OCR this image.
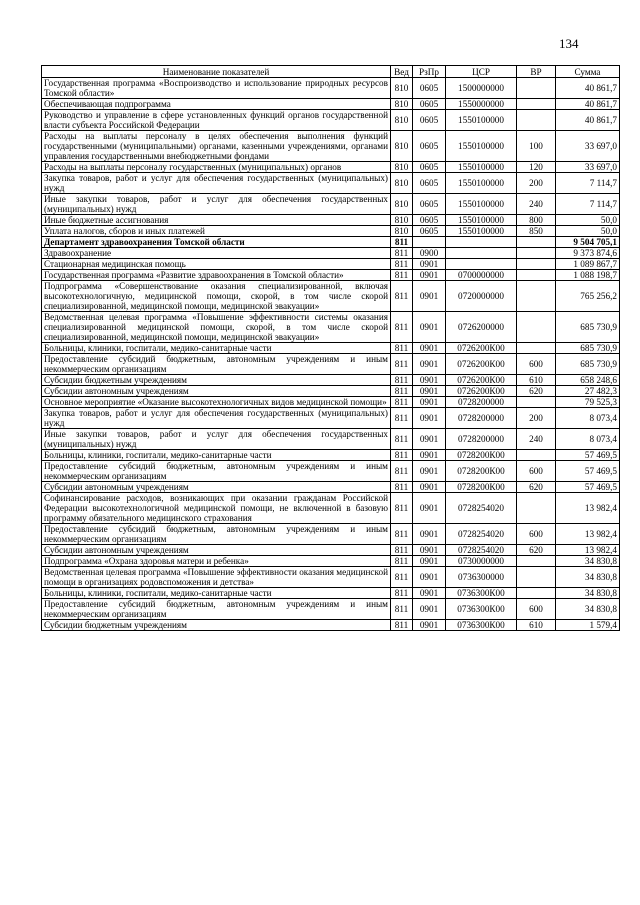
134
Наименование показателей	Вед	РзПр	ЦСР	ВР	Сумма
Государственная программа «Воспроизводство и использование природных ресурсов Томской области»	810	0605	1500000000		40 861,7
Обеспечивающая подпрограмма	810	0605	1550000000		40 861,7
Руководство и управление в сфере установленных функций органов государственной власти субъекта Российской Федерации	810	0605	1550100000		40 861,7
Расходы на выплаты персоналу в целях обеспечения выполнения функций государственными (муниципальными) органами, казенными учреждениями, органами управления государственными внебюджетными фондами	810	0605	1550100000	100	33 697,0
Расходы на выплаты персоналу государственных (муниципальных) органов	810	0605	1550100000	120	33 697,0
Закупка товаров, работ и услуг для обеспечения государственных (муниципальных) нужд	810	0605	1550100000	200	7 114,7
Иные закупки товаров, работ и услуг для обеспечения государственных (муниципальных) нужд	810	0605	1550100000	240	7 114,7
Иные бюджетные ассигнования	810	0605	1550100000	800	50,0
Уплата налогов, сборов и иных платежей	810	0605	1550100000	850	50,0
Департамент здравоохранения Томской области	811				9 504 705,1
Здравоохранение	811	0900			9 373 874,6
Стационарная медицинская помощь	811	0901			1 089 867,7
Государственная программа «Развитие здравоохранения в Томской области»	811	0901	0700000000		1 088 198,7
Подпрограмма «Совершенствование оказания специализированной, включая высокотехнологичную, медицинской помощи, скорой, в том числе скорой специализированной, медицинской помощи, медицинской эвакуации»	811	0901	0720000000		765 256,2
Ведомственная целевая программа «Повышение эффективности системы оказания специализированной медицинской помощи, скорой, в том числе скорой специализированной, медицинской помощи, медицинской эвакуации»	811	0901	0726200000		685 730,9
Больницы, клиники, госпитали, медико-санитарные части	811	0901	0726200К00		685 730,9
Предоставление субсидий бюджетным, автономным учреждениям и иным некоммерческим организациям	811	0901	0726200К00	600	685 730,9
Субсидии бюджетным учреждениям	811	0901	0726200К00	610	658 248,6
Субсидии автономным учреждениям	811	0901	0726200К00	620	27 482,3
Основное мероприятие «Оказание высокотехнологичных видов медицинской помощи»	811	0901	0728200000		79 525,3
Закупка товаров, работ и услуг для обеспечения государственных (муниципальных) нужд	811	0901	0728200000	200	8 073,4
Иные закупки товаров, работ и услуг для обеспечения государственных (муниципальных) нужд	811	0901	0728200000	240	8 073,4
Больницы, клиники, госпитали, медико-санитарные части	811	0901	0728200К00		57 469,5
Предоставление субсидий бюджетным, автономным учреждениям и иным некоммерческим организациям	811	0901	0728200К00	600	57 469,5
Субсидии автономным учреждениям	811	0901	0728200К00	620	57 469,5
Софинансирование расходов, возникающих при оказании гражданам Российской Федерации высокотехнологичной медицинской помощи, не включенной в базовую программу обязательного медицинского страхования	811	0901	0728254020		13 982,4
Предоставление субсидий бюджетным, автономным учреждениям и иным некоммерческим организациям	811	0901	0728254020	600	13 982,4
Субсидии автономным учреждениям	811	0901	0728254020	620	13 982,4
Подпрограмма «Охрана здоровья матери и ребенка»	811	0901	0730000000		34 830,8
Ведомственная целевая программа «Повышение эффективности оказания медицинской помощи в организациях родовспоможения и детства»	811	0901	0736300000		34 830,8
Больницы, клиники, госпитали, медико-санитарные части	811	0901	0736300К00		34 830,8
Предоставление субсидий бюджетным, автономным учреждениям и иным некоммерческим организациям	811	0901	0736300К00	600	34 830,8
Субсидии бюджетным учреждениям	811	0901	0736300К00	610	1 579,4
